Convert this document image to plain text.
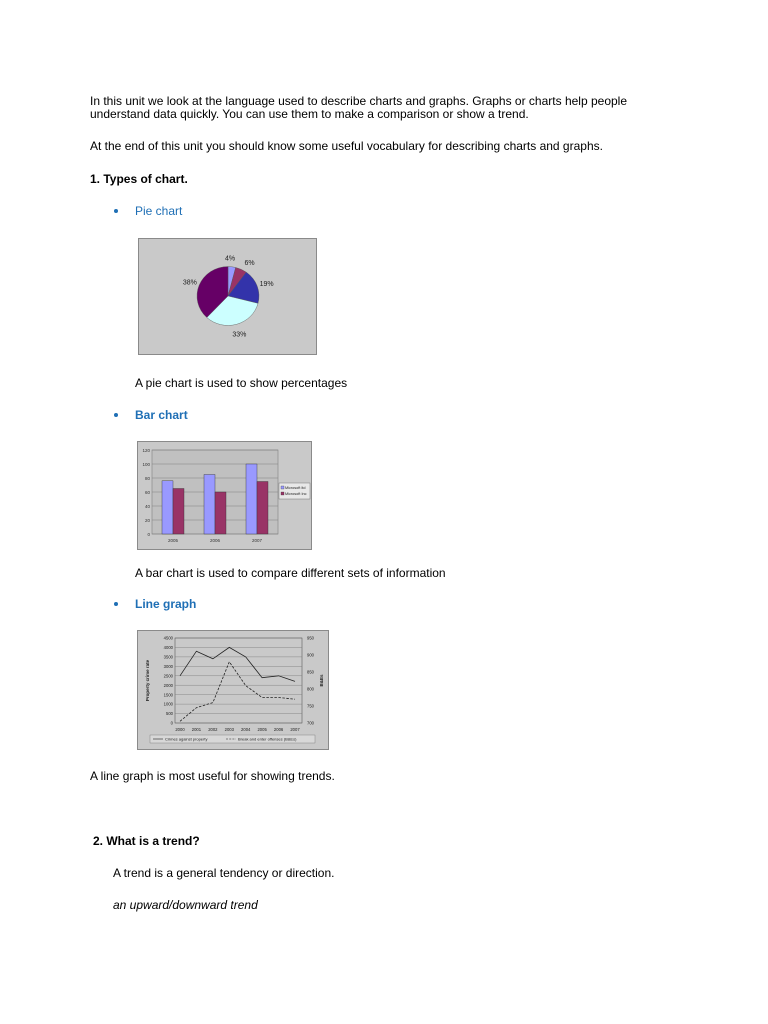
In this unit we look at the language used to describe charts and graphs. Graphs or charts help people
understand data quickly. You can use them to make a comparison or show a trend.
At the end of this unit you should know some useful vocabulary for describing charts and graphs.
1. Types of chart.
Pie chart
4%
6%
19%
33%
38%
A pie chart is used to show percentages
Bar chart
0
20
40
60
80
100
120
2005	2006	2007
Microsoft ltd
Microsoft Inc
A bar chart is used to compare different sets of information
Line graph
0
500
1000
1500
2000
2500
3000
3500
4000
4500
700
750
800
850
900
950
Property crime rate	B&Es
2000 2001 2002 2003 2004 2005 2006 2007
Crimes against property	Break and enter offenses (B&Es)
A line graph is most useful for showing trends.
2. What is a trend?
A trend is a general tendency or direction.
an upward/downward trend
